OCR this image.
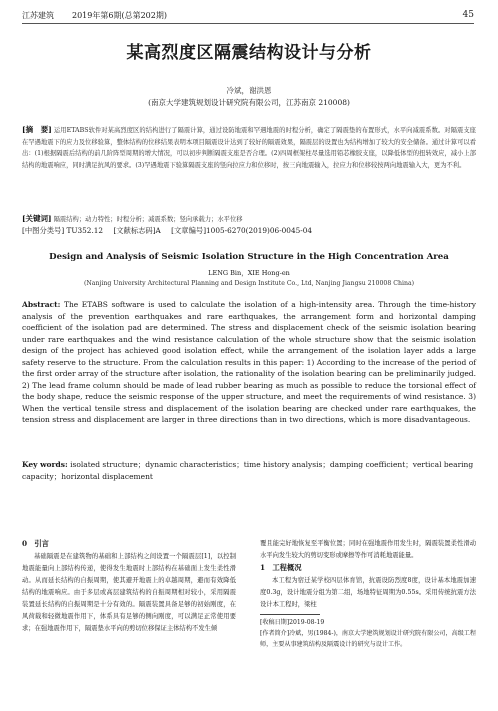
江苏建筑 2019年第6期(总第202期)	45
某高烈度区隔震结构设计与分析
冷斌，谢洪恩
(南京大学建筑规划设计研究院有限公司，江苏南京 210008)
[摘　要] 运用ETABS软件对某高烈度区的结构进行了隔震计算，通过设防地震和罕遇地震的时程分析，确定了隔震垫的布置形式，水平向减震系数。对隔震支座在罕遇地震下的应力及位移验算，整体结构的位移结果表明本项目隔震设计达到了较好的隔震效果，隔震层的设置也为结构增加了较大的安全储备。通过计算可以看出：(1)根据隔震后结构的前几阶阵型周期的增大情况，可以初步判断隔震支座是否合理。(2)四周框架柱尽量选用铅芯橡胶支座，以降低体型的扭转效应，减小上部结构的地震响应，同时满足抗风的要求。(3)罕遇地震下验算隔震支座的竖向拉应力和位移时，按三向地震输入，拉应力和位移较按两向地震输入大，更为不利。
[关键词] 隔震结构；动力特性；时程分析；减震系数；竖向承载力；水平位移
[中图分类号] TU352.12 [文献标志码]A [文章编号]1005-6270(2019)06-0045-04
Design and Analysis of Seismic Isolation Structure in the High Concentration Area
LENG Bin，XIE Hong-en
(Nanjing University Architectural Planning and Design Institute Co., Ltd, Nanjing Jiangsu 210008 China)
Abstract: The ETABS software is used to calculate the isolation of a high-intensity area. Through the time-history analysis of the prevention earthquakes and rare earthquakes, the arrangement form and horizontal damping coefficient of the isolation pad are determined. The stress and displacement check of the seismic isolation bearing under rare earthquakes and the wind resistance calculation of the whole structure show that the seismic isolation design of the project has achieved good isolation effect, while the arrangement of the isolation layer adds a large safety reserve to the structure. From the calculation results in this paper: 1) According to the increase of the period of the first order array of the structure after isolation, the rationality of the isolation bearing can be preliminarily judged. 2) The lead frame column should be made of lead rubber bearing as much as possible to reduce the torsional effect of the body shape, reduce the seismic response of the upper structure, and meet the requirements of wind resistance. 3) When the vertical tensile stress and displacement of the isolation bearing are checked under rare earthquakes, the tension stress and displacement are larger in three directions than in two directions, which is more disadvantageous.
Key words: isolated structure；dynamic characteristics；time history analysis；damping coefficient；vertical bearing capacity；horizontal displacement
0　引言
基础隔震是在建筑物的基础和上部结构之间设置一个隔震层[1]，以控制地震能量向上部结构传递，使得发生地震时上部结构在基础面上发生柔性滑动。从而延长结构的自振周期，使其避开地震上的卓越周期，避而有效降低结构的地震响应。由于多层或高层建筑结构的自振周期相对较小，采用隔震装置延长结构的自振周期是十分有效的。隔震装置具备足够的初始刚度，在风荷载和轻微地震作用下，体系具有足够的侧向刚度，可以满足正常使用要求；在强地震作用下，隔震垫水平向的剪切位移保证主体结构不发生倾
覆且能完好地恢复至平衡位置；同时在强地震作用发生时，隔震装置柔性滑动水平向发生较大的剪切变形或摩擦等作可消耗地震能量。
1　工程概况
本工程为宿迁某学校四层体育馆，抗震设防烈度8度，设计基本地震加速度0.3g，设计地震分组为第二组，场地特征周期为0.55s。采用传统抗震方法设计本工程时，梁柱
[收稿日期]2019-08-19
[作者简介]冷斌，男(1984-)，南京大学建筑规划设计研究院有限公司，高级工程师，主要从事建筑结构及隔震设计的研究与设计工作。
